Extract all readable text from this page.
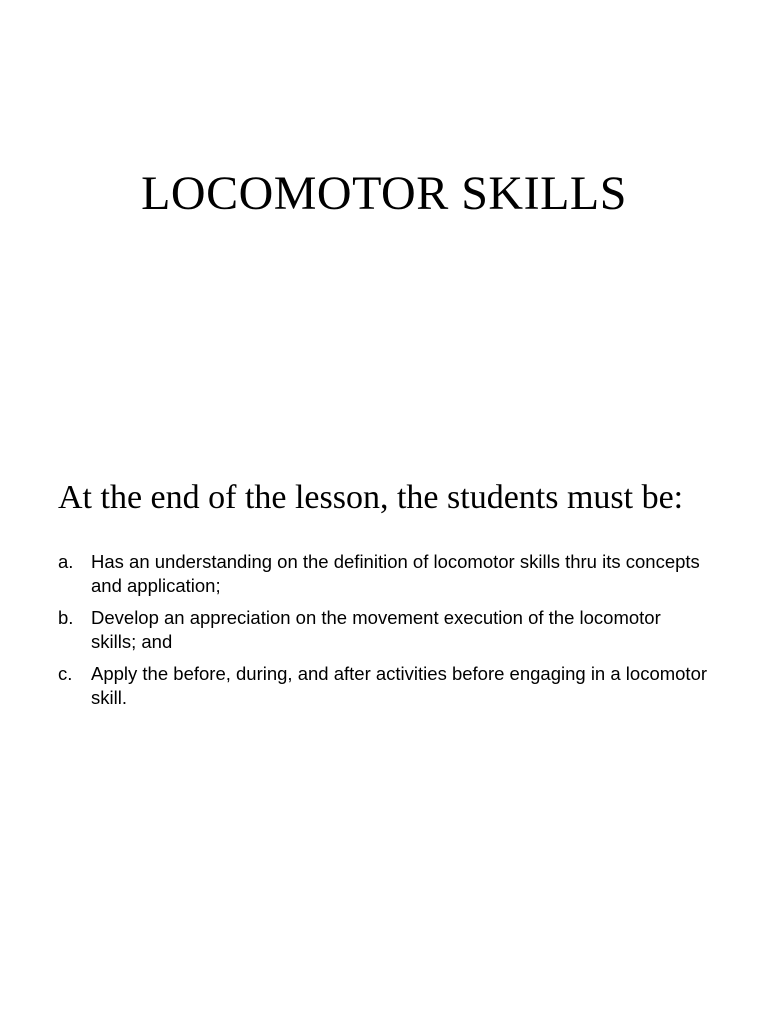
LOCOMOTOR SKILLS

At the end of the lesson, the students must be:

a. Has an understanding on the definition of locomotor skills thru its concepts and application;
b. Develop an appreciation on the movement execution of the locomotor skills; and
c.	Apply the before, during, and after activities before engaging in a locomotor skill.
